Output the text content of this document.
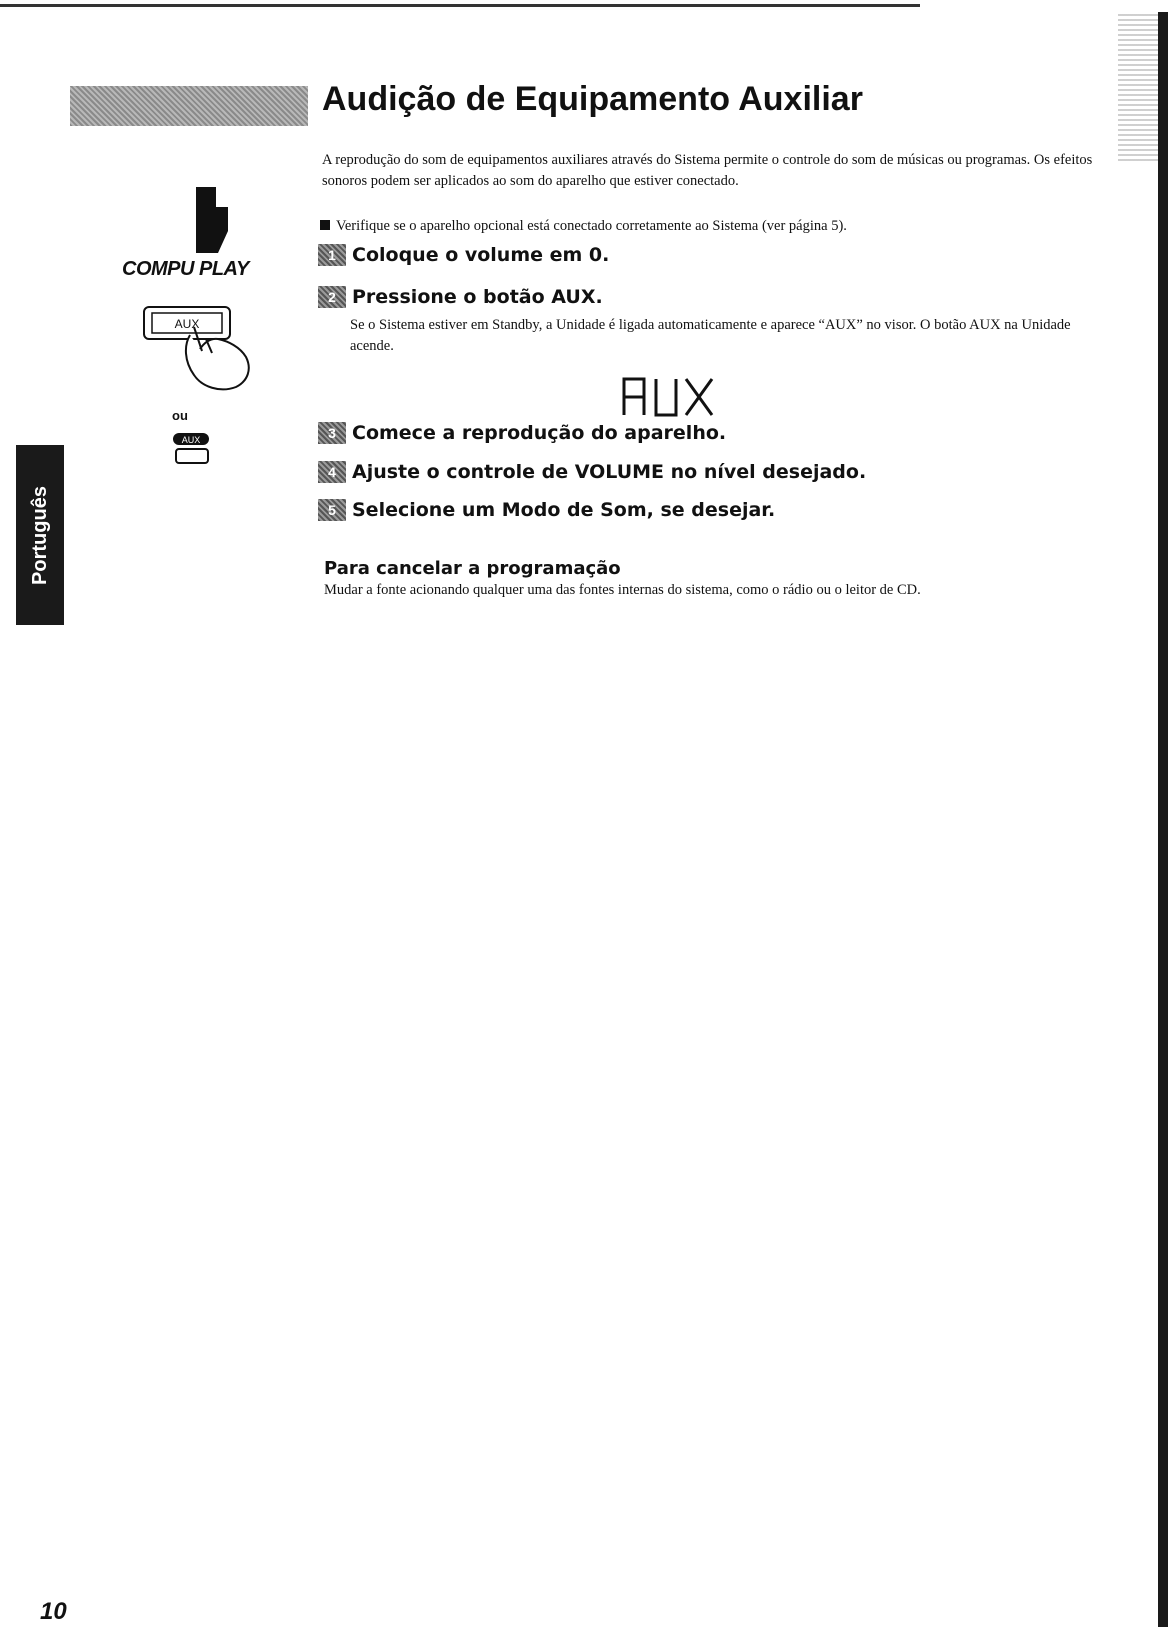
Audição de Equipamento Auxiliar

A reprodução do som de equipamentos auxiliares através do Sistema permite o controle do som de músicas ou programas. Os efeitos sonoros podem ser aplicados ao som do aparelho que estiver conectado.

Verifique se o aparelho opcional está conectado corretamente ao Sistema (ver página 5).
1 Coloque o volume em 0.
2 Pressione o botão AUX.

Se o Sistema estiver em Standby, a Unidade é ligada automaticamente e aparece “AUX” no visor. O botão AUX na Unidade acende.

3 Comece a reprodução do aparelho.
4 Ajuste o controle de VOLUME no nível desejado.
5 Selecione um Modo de Som, se desejar.
Para cancelar a programação

Mudar a fonte acionando qualquer uma das fontes internas do sistema, como o rádio ou o leitor de CD.

COMPU PLAY
AUX
ou
AUX
Português
10
